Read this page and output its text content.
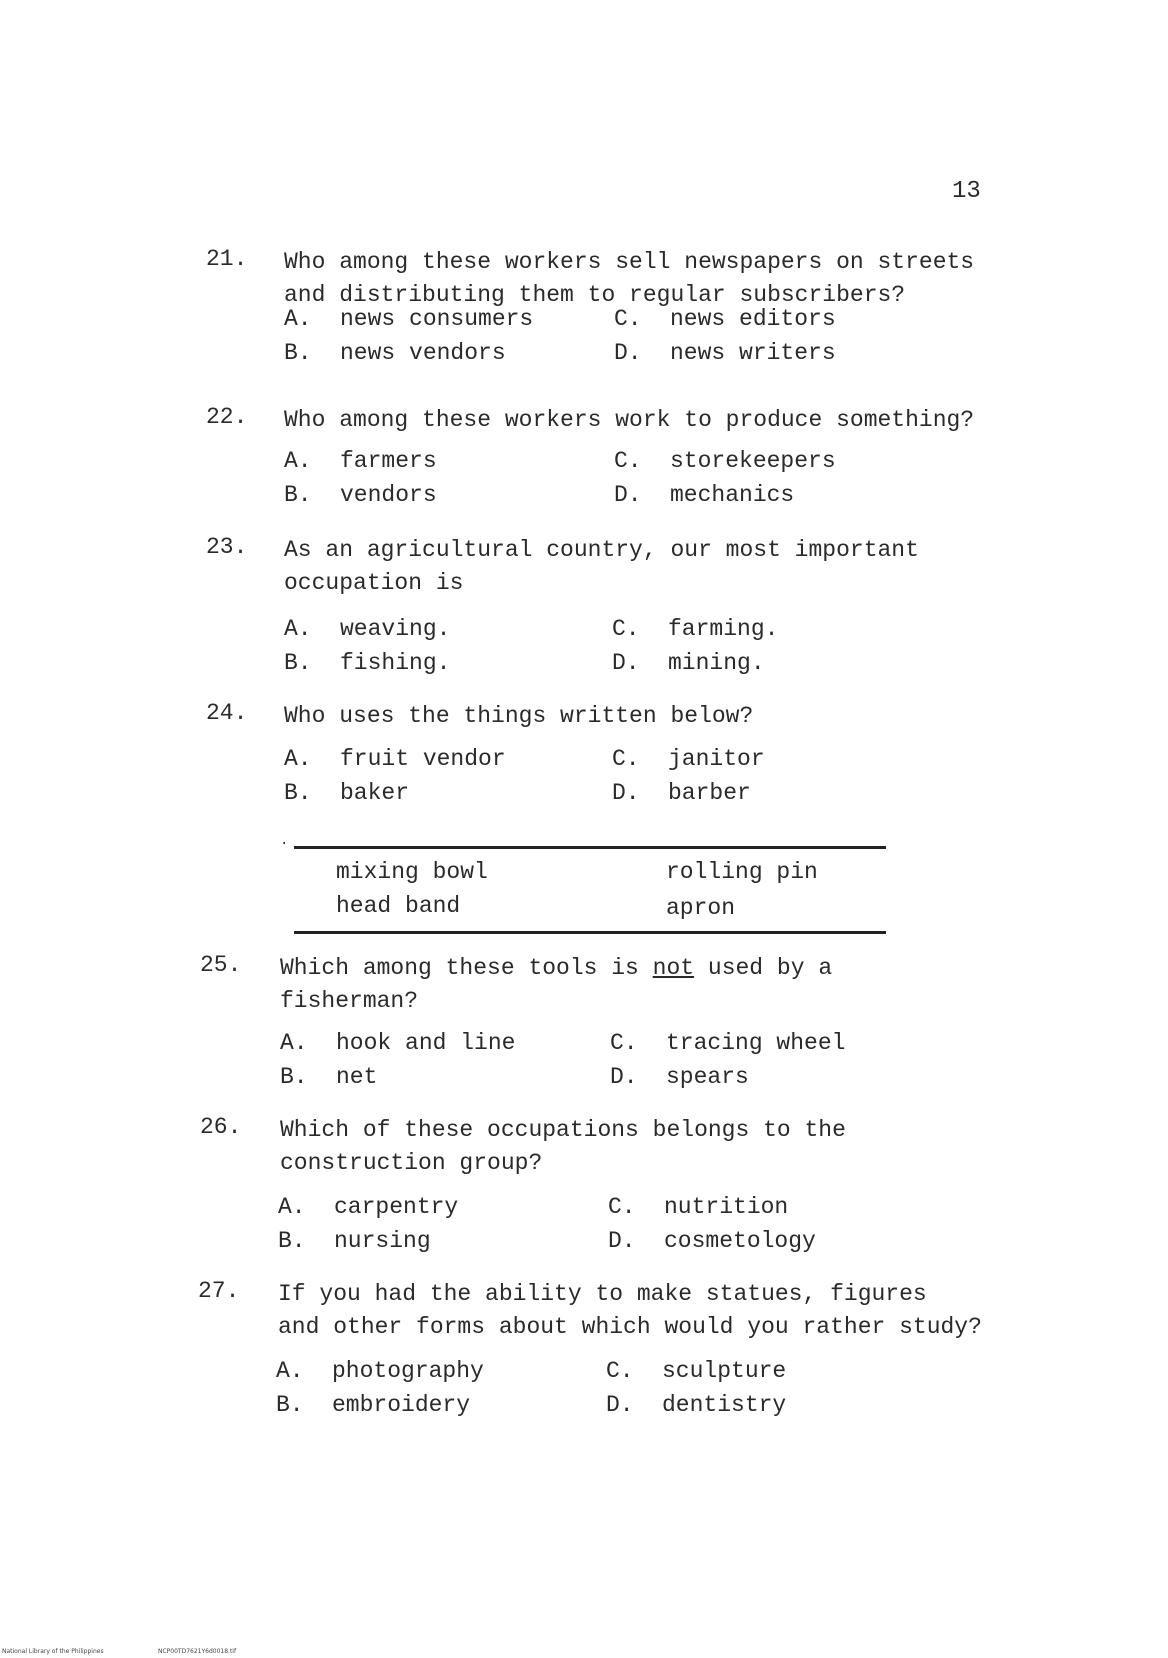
13
21. Who among these workers sell newspapers on streets
and distributing them to regular subscribers?
A. news consumers
B. news vendors
C. news editors
D. news writers
22. Who among these workers work to produce something?
A. farmers
B. vendors
C. storekeepers
D. mechanics
23. As an agricultural country, our most important
occupation is
A. weaving.
B. fishing.
C. farming.
D. mining.
24. Who uses the things written below?
A. fruit vendor
B. baker
C. janitor
D. barber
·
mixing bowl
head band
rolling pin
apron
25. Which among these tools is not used by a
fisherman?
A. hook and line
B. net
C. tracing wheel
D. spears
26. Which of these occupations belongs to the
construction group?
A. carpentry
B. nursing
C. nutrition
D. cosmetology
27. If you had the ability to make statues, figures
and other forms about which would you rather study?
A. photography
B. embroidery
C. sculpture
D. dentistry
National Library of the Philippines	NCP00TD7621Y6d0018.tif
